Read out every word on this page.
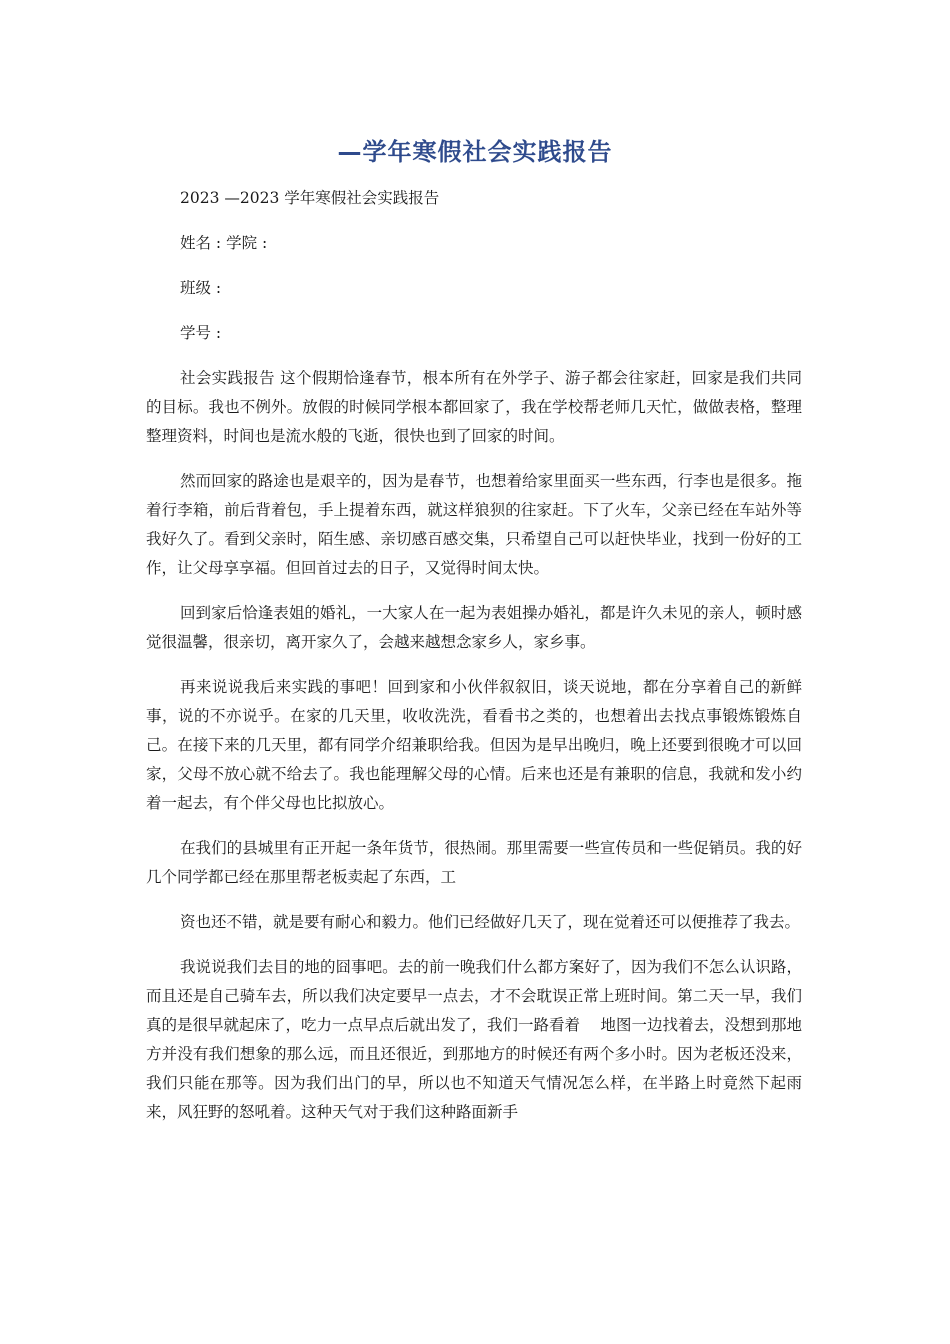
—学年寒假社会实践报告

2023 —2023 学年寒假社会实践报告

姓名 : 学院 :

班级 :

学号 :

社会实践报告 这个假期恰逢春节，根本所有在外学子、游子都会往家赶，回家是我们共同的目标。我也不例外。放假的时候同学根本都回家了，我在学校帮老师几天忙，做做表格，整理整理资料，时间也是流水般的飞逝，很快也到了回家的时间。

然而回家的路途也是艰辛的，因为是春节，也想着给家里面买一些东西，行李也是很多。拖着行李箱，前后背着包，手上提着东西，就这样狼狈的往家赶。下了火车，父亲已经在车站外等我好久了。看到父亲时，陌生感、亲切感百感交集，只希望自己可以赶快毕业，找到一份好的工作，让父母享享福。但回首过去的日子，又觉得时间太快。

回到家后恰逢表姐的婚礼，一大家人在一起为表姐操办婚礼，都是许久未见的亲人，顿时感觉很温馨，很亲切，离开家久了，会越来越想念家乡人，家乡事。

再来说说我后来实践的事吧！回到家和小伙伴叙叙旧，谈天说地，都在分享着自己的新鲜事，说的不亦说乎。在家的几天里，收收洗洗，看看书之类的，也想着出去找点事锻炼锻炼自己。在接下来的几天里，都有同学介绍兼职给我。但因为是早出晚归，晚上还要到很晚才可以回家，父母不放心就不给去了。我也能理解父母的心情。后来也还是有兼职的信息，我就和发小约着一起去，有个伴父母也比拟放心。

在我们的县城里有正开起一条年货节，很热闹。那里需要一些宣传员和一些促销员。我的好几个同学都已经在那里帮老板卖起了东西，工

资也还不错，就是要有耐心和毅力。他们已经做好几天了，现在觉着还可以便推荐了我去。

我说说我们去目的地的囧事吧。去的前一晚我们什么都方案好了，因为我们不怎么认识路，而且还是自己骑车去，所以我们决定要早一点去，才不会耽误正常上班时间。第二天一早，我们真的是很早就起床了，吃力一点早点后就出发了，我们一路看着　 地图一边找着去，没想到那地方并没有我们想象的那么远，而且还很近，到那地方的时候还有两个多小时。因为老板还没来，我们只能在那等。因为我们出门的早，所以也不知道天气情况怎么样，在半路上时竟然下起雨来，风狂野的怒吼着。这种天气对于我们这种路面新手
